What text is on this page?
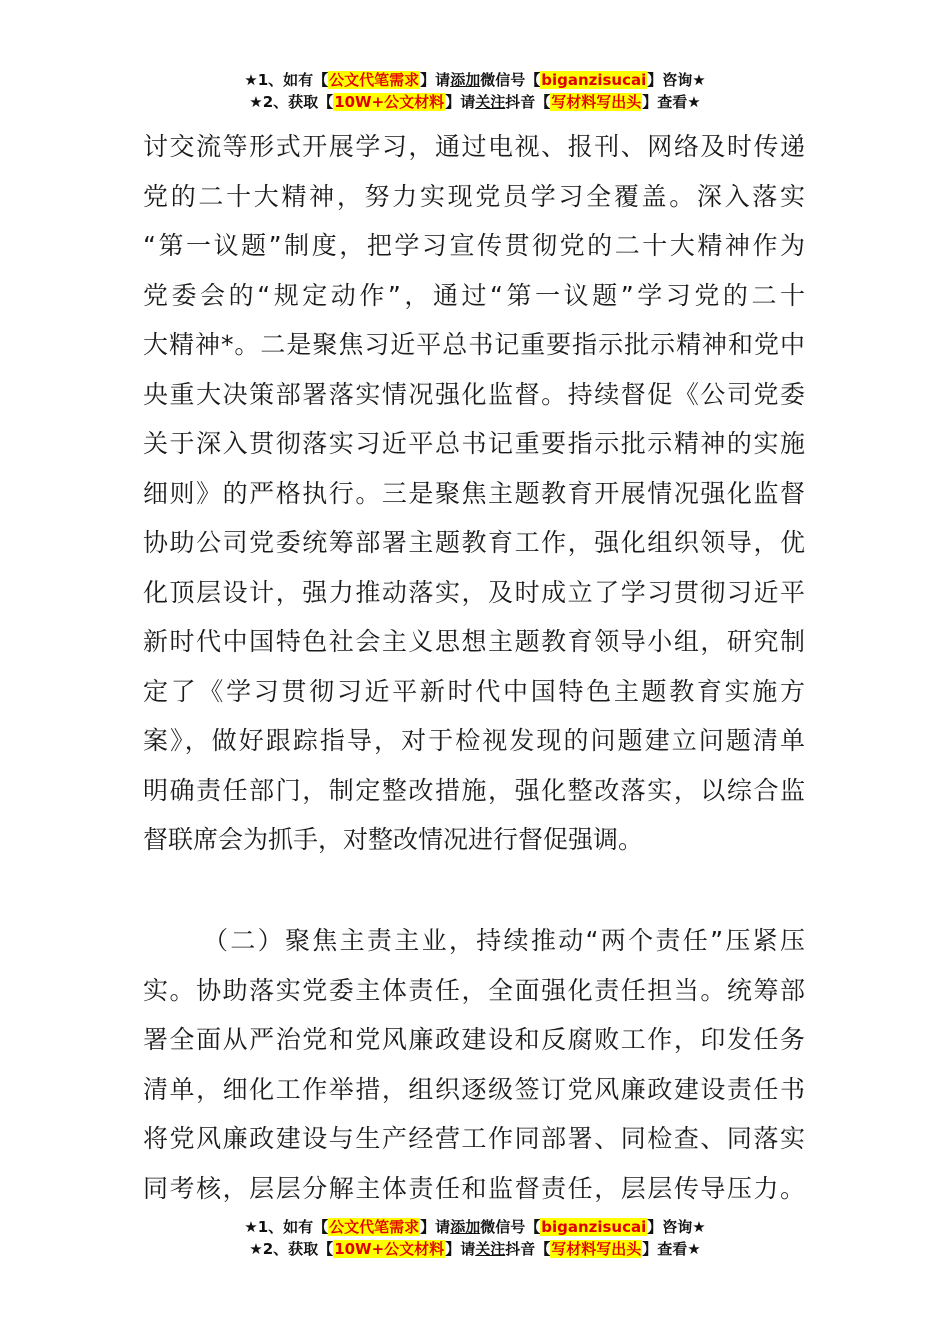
★1、如有【公文代笔需求】请添加微信号【biganzisucai】咨询★
★2、获取【10W+公文材料】请关注抖音【写材料写出头】查看★
讨交流等形式开展学习，通过电视、报刊、网络及时传递
党的二十大精神，努力实现党员学习全覆盖。深入落实
“第一议题”制度，把学习宣传贯彻党的二十大精神作为
党委会的“规定动作”，通过“第一议题”学习党的二十
大精神*。二是聚焦习近平总书记重要指示批示精神和党中
央重大决策部署落实情况强化监督。持续督促《公司党委
关于深入贯彻落实习近平总书记重要指示批示精神的实施
细则》的严格执行。三是聚焦主题教育开展情况强化监督
协助公司党委统筹部署主题教育工作，强化组织领导，优
化顶层设计，强力推动落实，及时成立了学习贯彻习近平
新时代中国特色社会主义思想主题教育领导小组，研究制
定了《学习贯彻习近平新时代中国特色主题教育实施方
案》，做好跟踪指导，对于检视发现的问题建立问题清单
明确责任部门，制定整改措施，强化整改落实，以综合监
督联席会为抓手，对整改情况进行督促强调。
（二）聚焦主责主业，持续推动“两个责任”压紧压
实。协助落实党委主体责任，全面强化责任担当。统筹部
署全面从严治党和党风廉政建设和反腐败工作，印发任务
清单，细化工作举措，组织逐级签订党风廉政建设责任书
将党风廉政建设与生产经营工作同部署、同检查、同落实
同考核，层层分解主体责任和监督责任，层层传导压力。
★1、如有【公文代笔需求】请添加微信号【biganzisucai】咨询★
★2、获取【10W+公文材料】请关注抖音【写材料写出头】查看★
